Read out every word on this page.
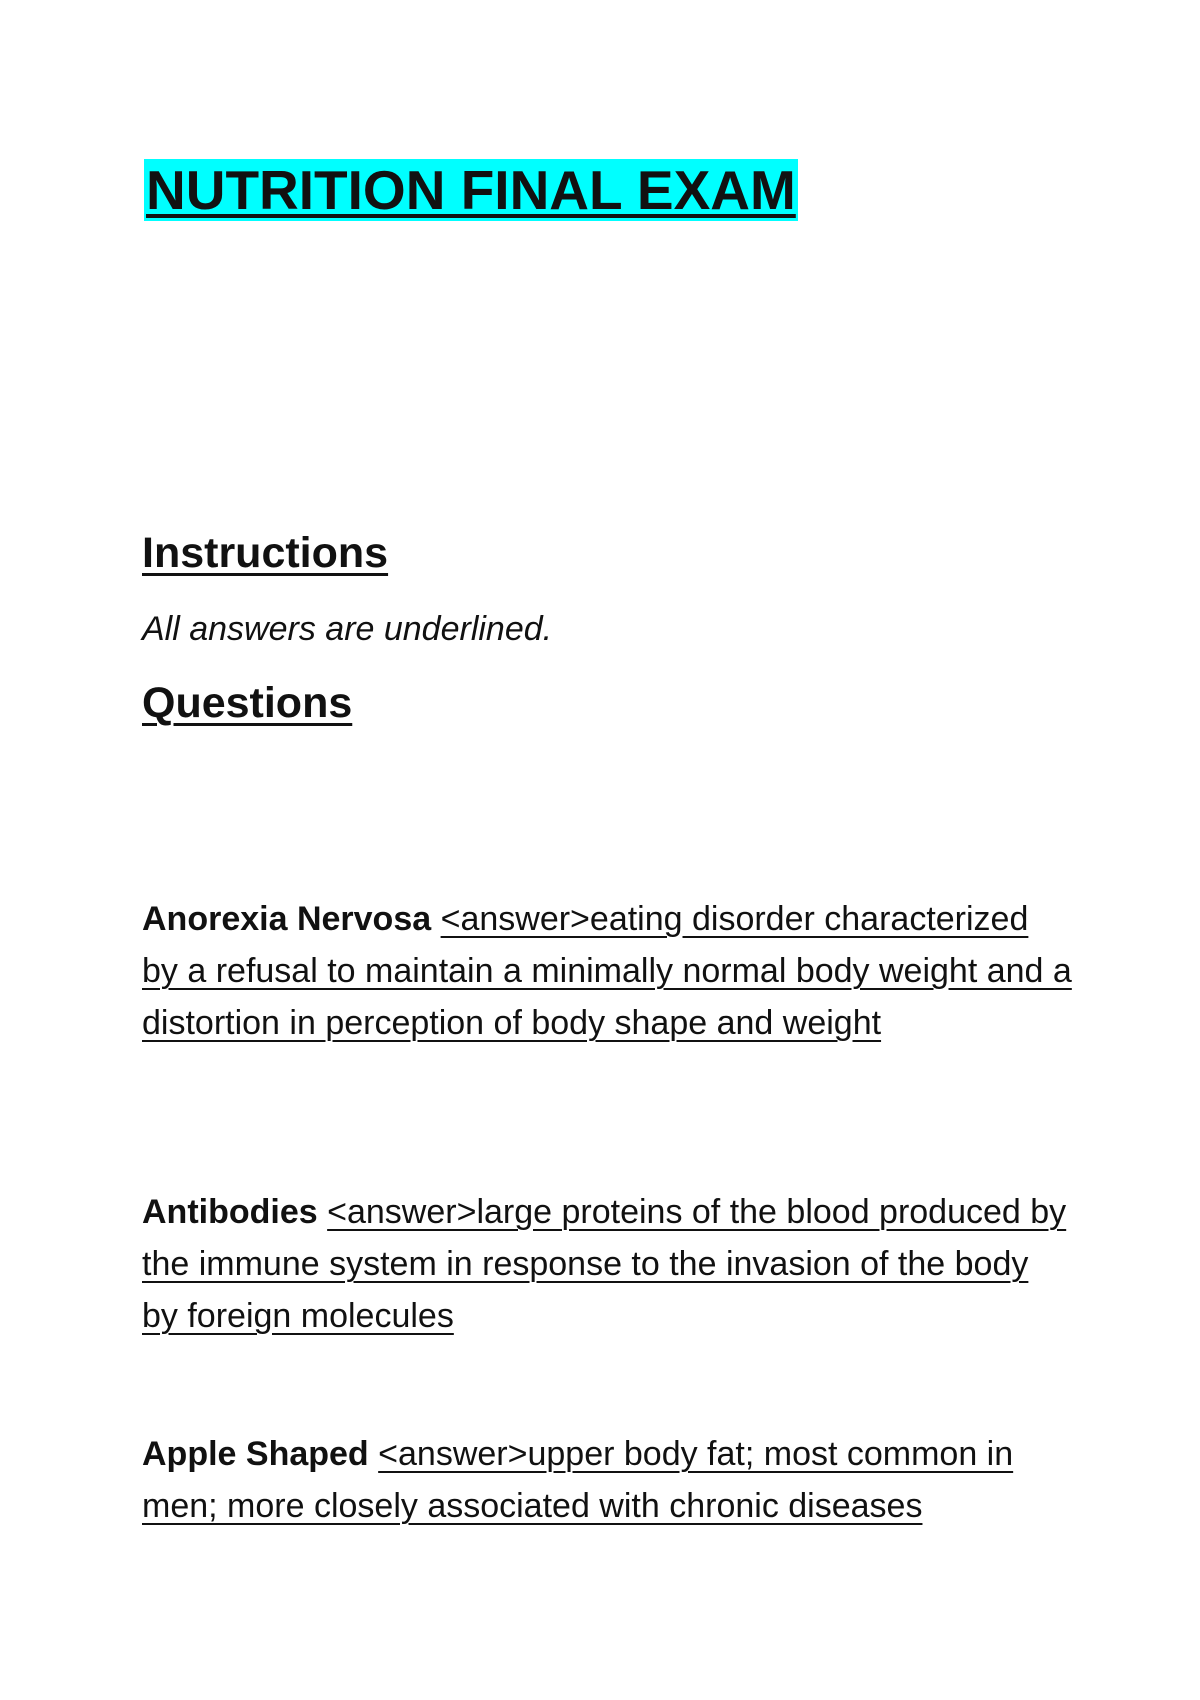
NUTRITION FINAL EXAM
Instructions

All answers are underlined.

Questions

Anorexia Nervosa <answer>eating disorder characterized by a refusal to maintain a minimally normal body weight and a distortion in perception of body shape and weight

Antibodies <answer>large proteins of the blood produced by the immune system in response to the invasion of the body by foreign molecules

Apple Shaped <answer>upper body fat; most common in men; more closely associated with chronic diseases
